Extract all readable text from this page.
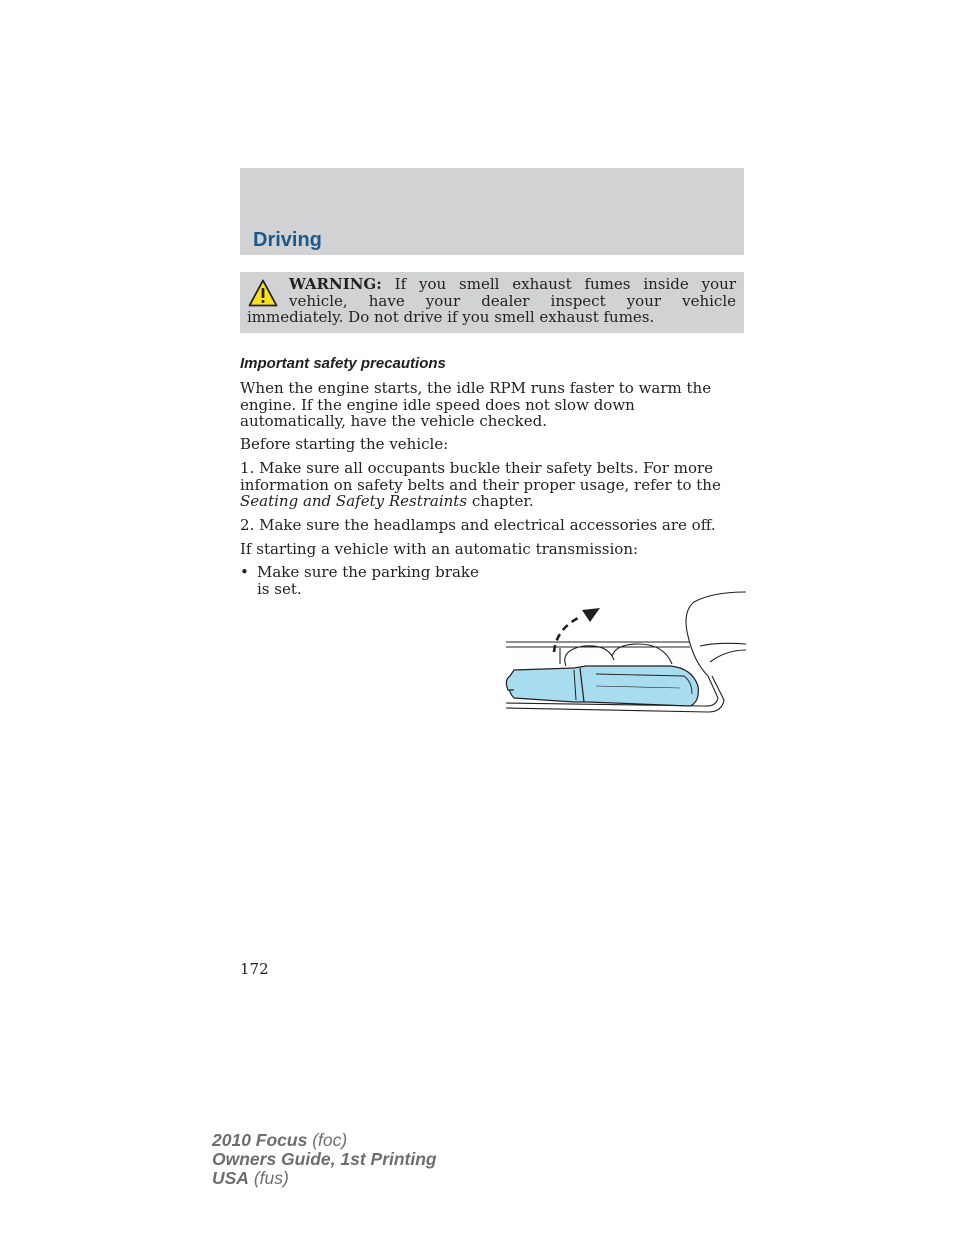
Driving

WARNING: If you smell exhaust fumes inside your vehicle, have your dealer inspect your vehicle immediately. Do not drive if you smell exhaust fumes.

Important safety precautions

When the engine starts, the idle RPM runs faster to warm the engine. If the engine idle speed does not slow down automatically, have the vehicle checked.

Before starting the vehicle:

1. Make sure all occupants buckle their safety belts. For more information on safety belts and their proper usage, refer to the Seating and Safety Restraints chapter.

2. Make sure the headlamps and electrical accessories are off.

If starting a vehicle with an automatic transmission:

• Make sure the parking brake is set.
172
2010 Focus (foc)
Owners Guide, 1st Printing
USA (fus)
